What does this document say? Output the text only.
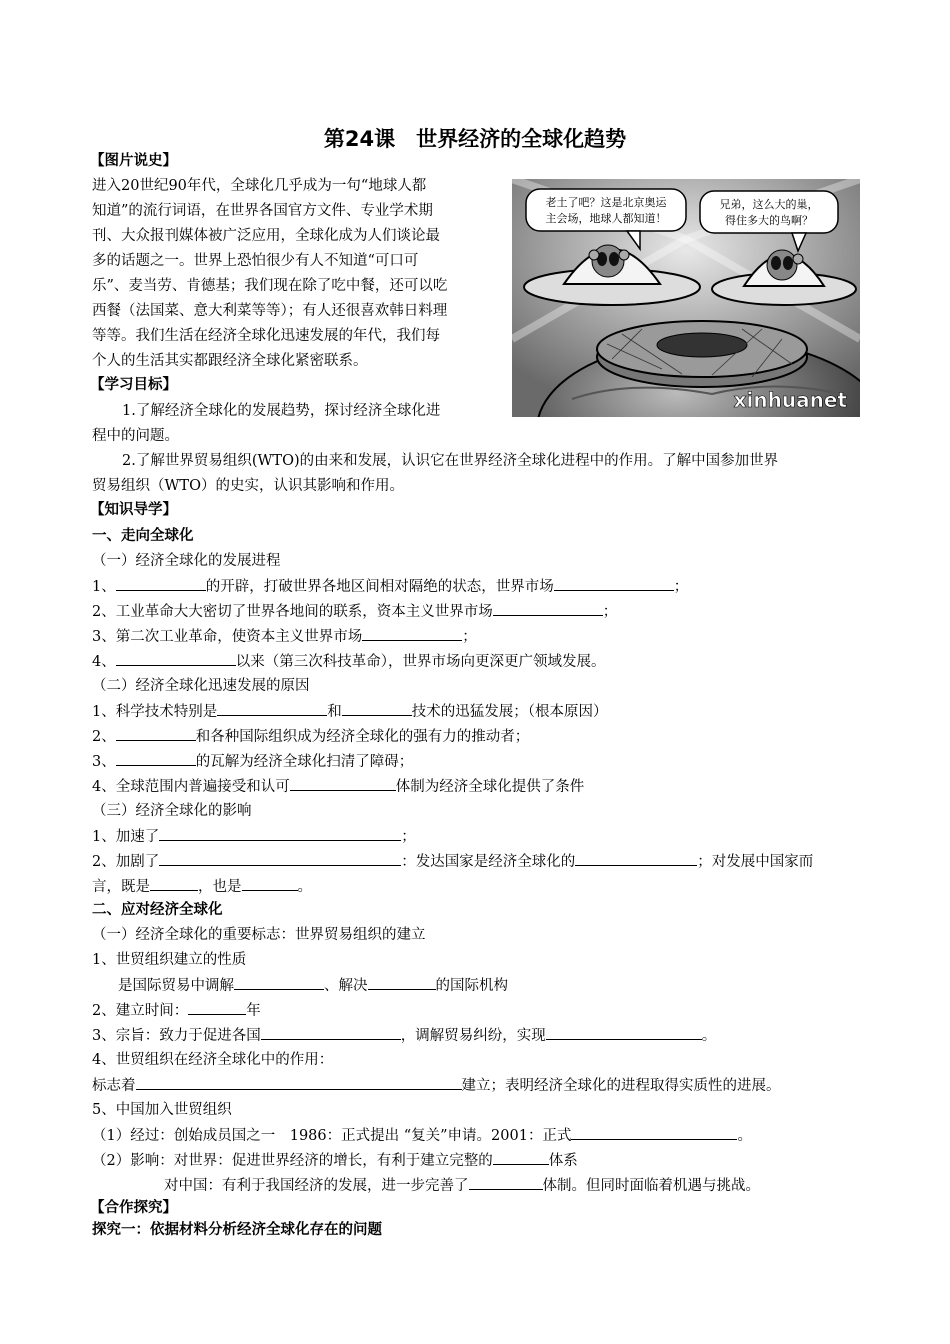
第24课　世界经济的全球化趋势
【图片说史】
进入20世纪90年代，全球化几乎成为一句“地球人都
知道”的流行词语，在世界各国官方文件、专业学术期
刊、大众报刊媒体被广泛应用，全球化成为人们谈论最
多的话题之一。世界上恐怕很少有人不知道“可口可
乐”、麦当劳、肯德基；我们现在除了吃中餐，还可以吃
西餐（法国菜、意大利菜等等）；有人还很喜欢韩日料理
等等。我们生活在经济全球化迅速发展的年代，我们每
个人的生活其实都跟经济全球化紧密联系。
老土了吧？这是北京奥运
主会场，地球人都知道！
兄弟，这么大的巢，
得住多大的鸟啊？
xinhuanet
【学习目标】
1.了解经济全球化的发展趋势，探讨经济全球化进
程中的问题。
2.了解世界贸易组织(WTO)的由来和发展，认识它在世界经济全球化进程中的作用。了解中国参加世界
贸易组织（WTO）的史实，认识其影响和作用。
【知识导学】
一、走向全球化
（一）经济全球化的发展进程
1、	的开辟，打破世界各地区间相对隔绝的状态，世界市场	；
2、工业革命大大密切了世界各地间的联系，资本主义世界市场	；
3、第二次工业革命，使资本主义世界市场	；
4、	以来（第三次科技革命），世界市场向更深更广领域发展。
（二）经济全球化迅速发展的原因
1、科学技术特别是	和	技术的迅猛发展；（根本原因）
2、	和各种国际组织成为经济全球化的强有力的推动者；
3、	的瓦解为经济全球化扫清了障碍；
4、全球范围内普遍接受和认可	体制为经济全球化提供了条件
（三）经济全球化的影响
1、加速了	；
2、加剧了	：发达国家是经济全球化的	；对发展中国家而
言，既是	，也是	。
二、应对经济全球化
（一）经济全球化的重要标志：世界贸易组织的建立
1、世贸组织建立的性质
是国际贸易中调解	、解决	的国际机构
2、建立时间：	年
3、宗旨：致力于促进各国	，调解贸易纠纷，实现	。
4、世贸组织在经济全球化中的作用：
标志着	建立；表明经济全球化的进程取得实质性的进展。
5、中国加入世贸组织
（1）经过：创始成员国之一　1986：正式提出 “复关”申请。2001：正式	。
（2）影响：对世界：促进世界经济的增长，有利于建立完整的	体系
对中国：有利于我国经济的发展，进一步完善了	体制。但同时面临着机遇与挑战。
【合作探究】
探究一：依据材料分析经济全球化存在的问题
